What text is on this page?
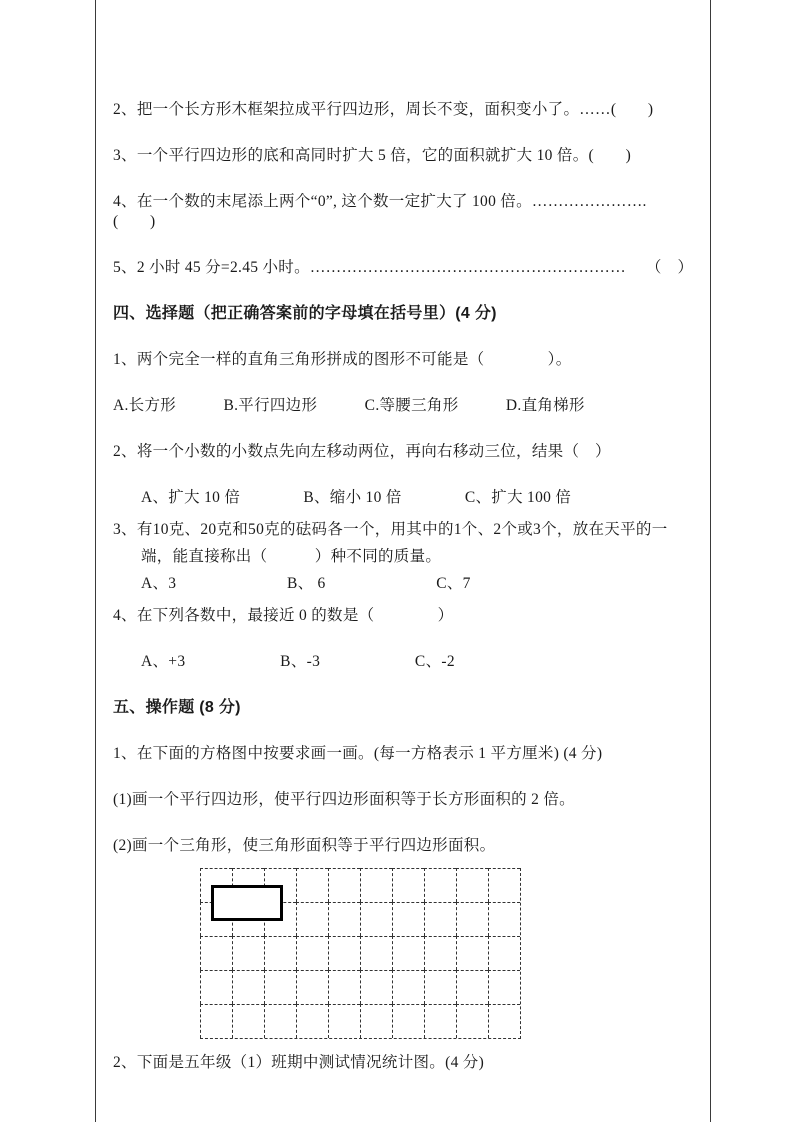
2、把一个长方形木框架拉成平行四边形，周长不变，面积变小了。……(　　)

3、一个平行四边形的底和高同时扩大 5 倍，它的面积就扩大 10 倍。(　　)

4、在一个数的末尾添上两个“0”, 这个数一定扩大了 100 倍。………………….(　　)

5、2 小时 45 分=2.45 小时。……………………………………………………　 （　）

四、选择题（把正确答案前的字母填在括号里）(4 分)

1、两个完全一样的直角三角形拼成的图形不可能是（　　　　）。

A.长方形　　　B.平行四边形　　　C.等腰三角形　　　D.直角梯形

2、将一个小数的小数点先向左移动两位，再向右移动三位，结果（　）

A、扩大 10 倍　　　　B、缩小 10 倍　　　　C、扩大 100 倍

3、有10克、20克和50克的砝码各一个，用其中的1个、2个或3个，放在天平的一

端，能直接称出（　　　）种不同的质量。

A、3　　　　　　　B、 6　　　　　　　C、7

4、在下列各数中，最接近 0 的数是（　　　　）

A、+3　　　　　　B、-3　　　　　　C、-2

五、操作题 (8 分)

1、在下面的方格图中按要求画一画。(每一方格表示 1 平方厘米) (4 分)

(1)画一个平行四边形，使平行四边形面积等于长方形面积的 2 倍。

(2)画一个三角形，使三角形面积等于平行四边形面积。

2、下面是五年级（1）班期中测试情况统计图。(4 分)
